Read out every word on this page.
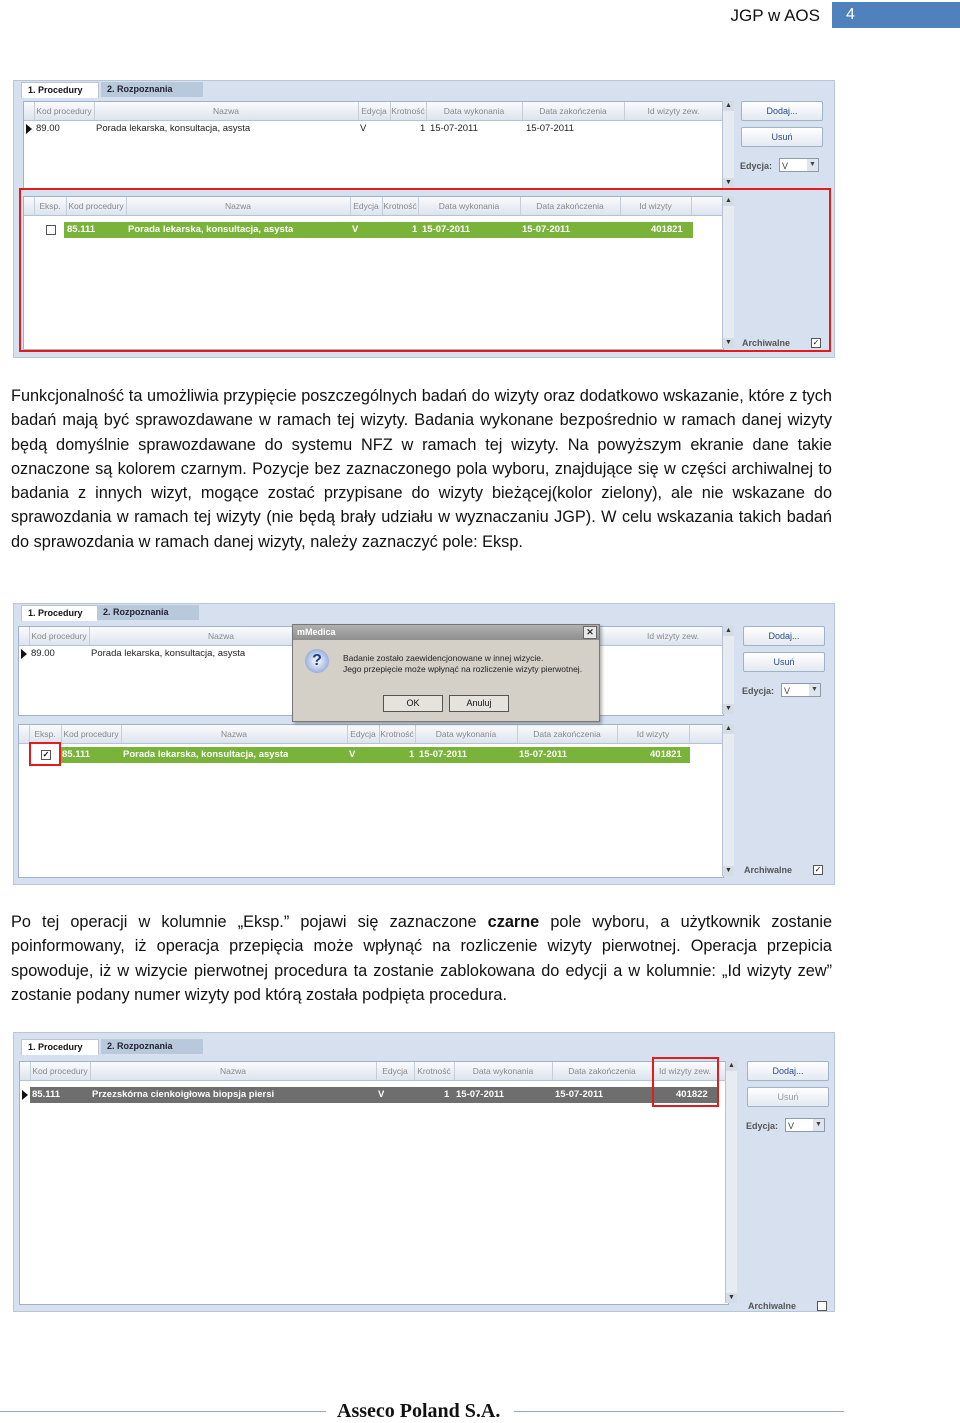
JGP w AOS	4
1. Procedury	2. Rozpoznania
Kod procedury	Nazwa	Edycja Krotność	Data wykonania	Data zakończenia	Id wizyty zew.
89.00	Porada lekarska, konsultacja, asysta	V	1 15-07-2011	15-07-2011
▲
▼
Dodaj...
Usuń
Edycja:	V	▼
Eksp. Kod procedury	Nazwa	Edycja Krotność	Data wykonania	Data zakończenia	Id wizyty
85.111	Porada lekarska, konsultacja, asysta	V	1 15-07-2011	15-07-2011	401821
▲
▼ Archiwalne	✓

Funkcjonalność ta umożliwia przypięcie poszczególnych badań do wizyty oraz dodatkowo wskazanie, które z tych badań mają być sprawozdawane w ramach tej wizyty. Badania wykonane bezpośrednio w ramach danej wizyty będą domyślnie sprawozdawane do systemu NFZ w ramach tej wizyty. Na powyższym ekranie dane takie oznaczone są kolorem czarnym. Pozycje bez zaznaczonego pola wyboru, znajdujące się w części archiwalnej to badania z innych wizyt, mogące zostać przypisane do wizyty bieżącej(kolor zielony), ale nie wskazane do sprawozdania w ramach tej wizyty (nie będą brały udziału w wyznaczaniu JGP). W celu wskazania takich badań do sprawozdania w ramach danej wizyty, należy zaznaczyć pole: Eksp.

1. Procedury	2. Rozpoznania
Kod procedury	Nazwa	Id wizyty zew.
89.00	Porada lekarska, konsultacja, asysta
▲
▼
Dodaj...
Usuń
Edycja:	V	▼
Eksp. Kod procedury	Nazwa	Edycja Krotność	Data wykonania	Data zakończenia	Id wizyty
✓ 85.111	Porada lekarska, konsultacja, asysta	V	1 15-07-2011	15-07-2011	401821
▲
▼ Archiwalne	✓
mMedica	✕
?	Badanie zostało zaewidencjonowane w innej wizycie.
Jego przepięcie może wpłynąć na rozliczenie wizyty pierwotnej.
OK	Anuluj

Po tej operacji w kolumnie „Eksp.” pojawi się zaznaczone czarne pole wyboru, a użytkownik zostanie poinformowany, iż operacja przepięcia może wpłynąć na rozliczenie wizyty pierwotnej. Operacja przepicia spowoduje, iż w wizycie pierwotnej procedura ta zostanie zablokowana do edycji a w kolumnie: „Id wizyty zew” zostanie podany numer wizyty pod którą została podpięta procedura.

1. Procedury	2. Rozpoznania
Kod procedury	Nazwa	Edycja	Krotność	Data wykonania	Data zakończenia	Id wizyty zew.
85.111	Przezskórna cienkoigłowa biopsja piersi	V	1 15-07-2011	15-07-2011	401822
▲
▼
Dodaj...
Usuń
Edycja:	V	▼
Archiwalne
Asseco Poland S.A.
